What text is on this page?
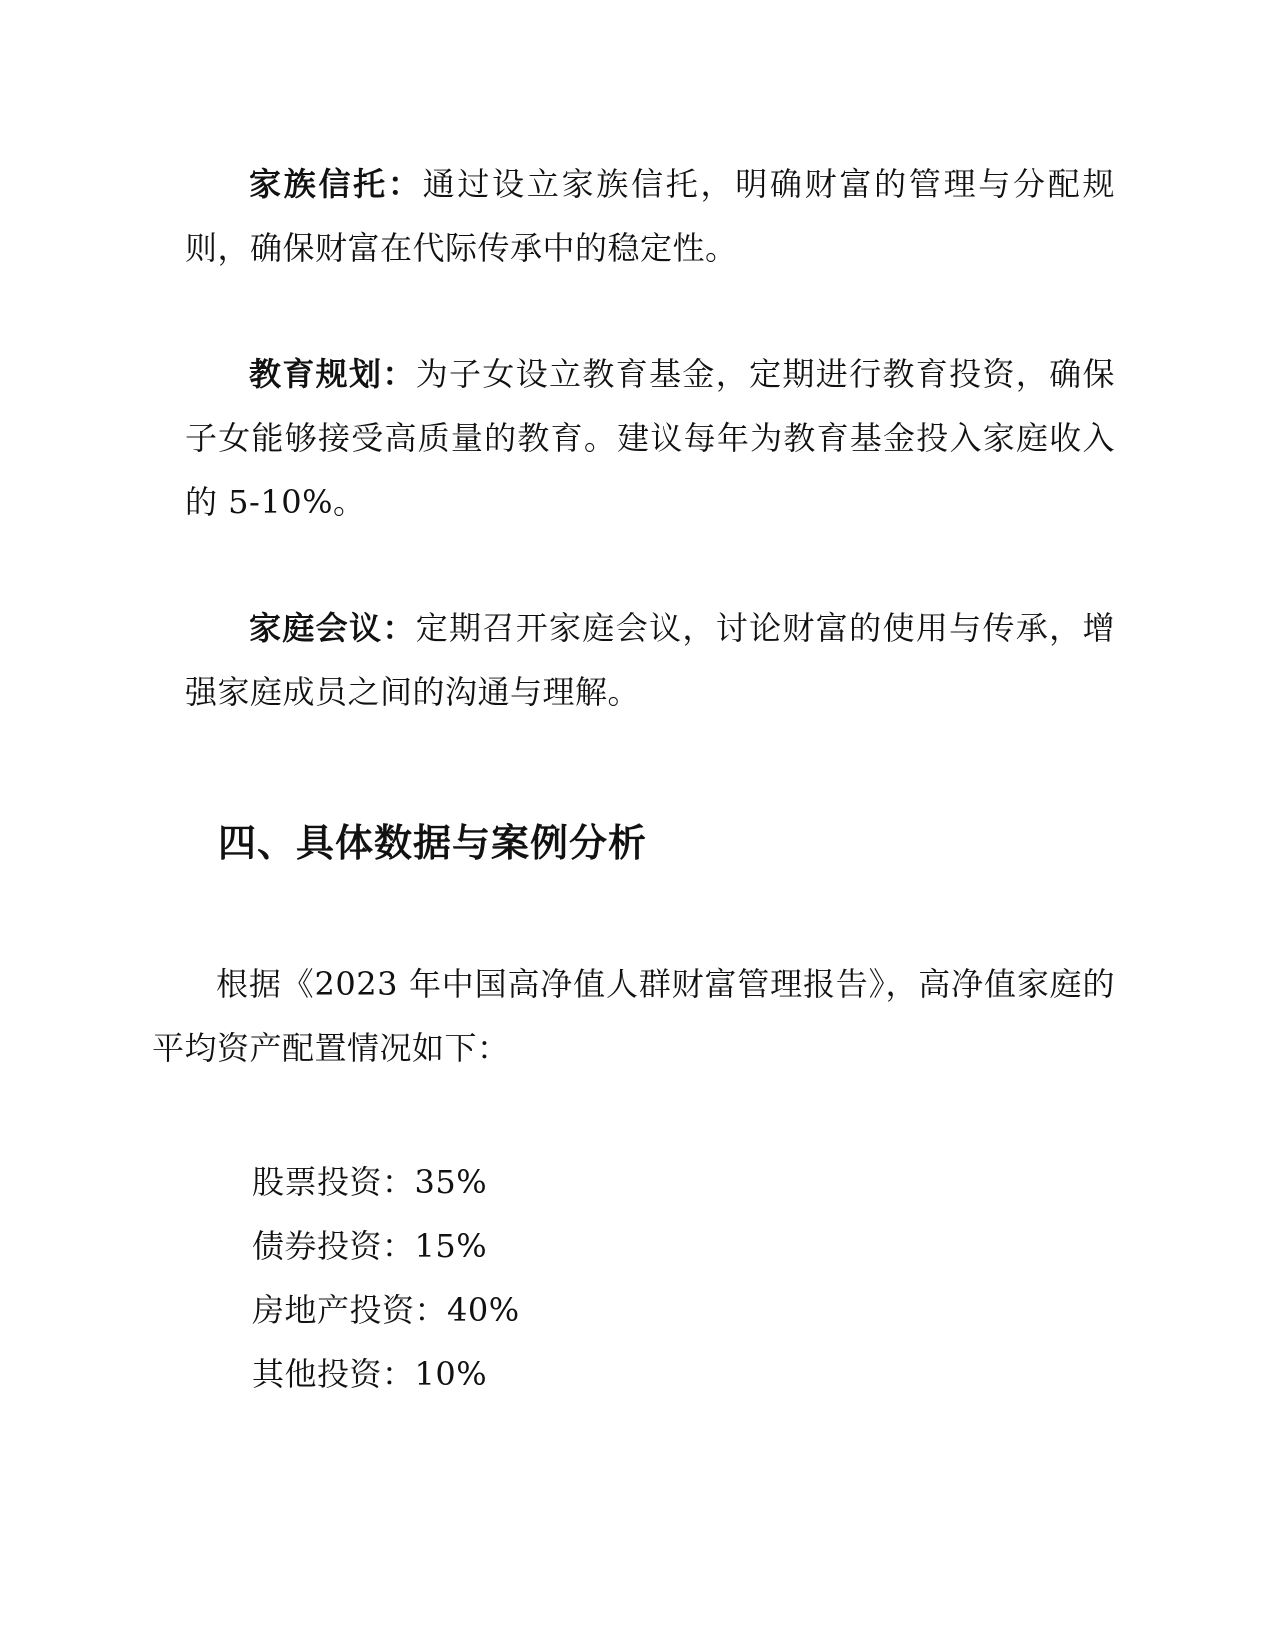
家族信托：通过设立家族信托，明确财富的管理与分配规则，确保财富在代际传承中的稳定性。

教育规划：为子女设立教育基金，定期进行教育投资，确保子女能够接受高质量的教育。建议每年为教育基金投入家庭收入的 5-10%。

家庭会议：定期召开家庭会议，讨论财富的使用与传承，增强家庭成员之间的沟通与理解。

四、具体数据与案例分析

根据《2023 年中国高净值人群财富管理报告》，高净值家庭的平均资产配置情况如下：

股票投资：35%
债券投资：15%
房地产投资：40%
其他投资：10%
